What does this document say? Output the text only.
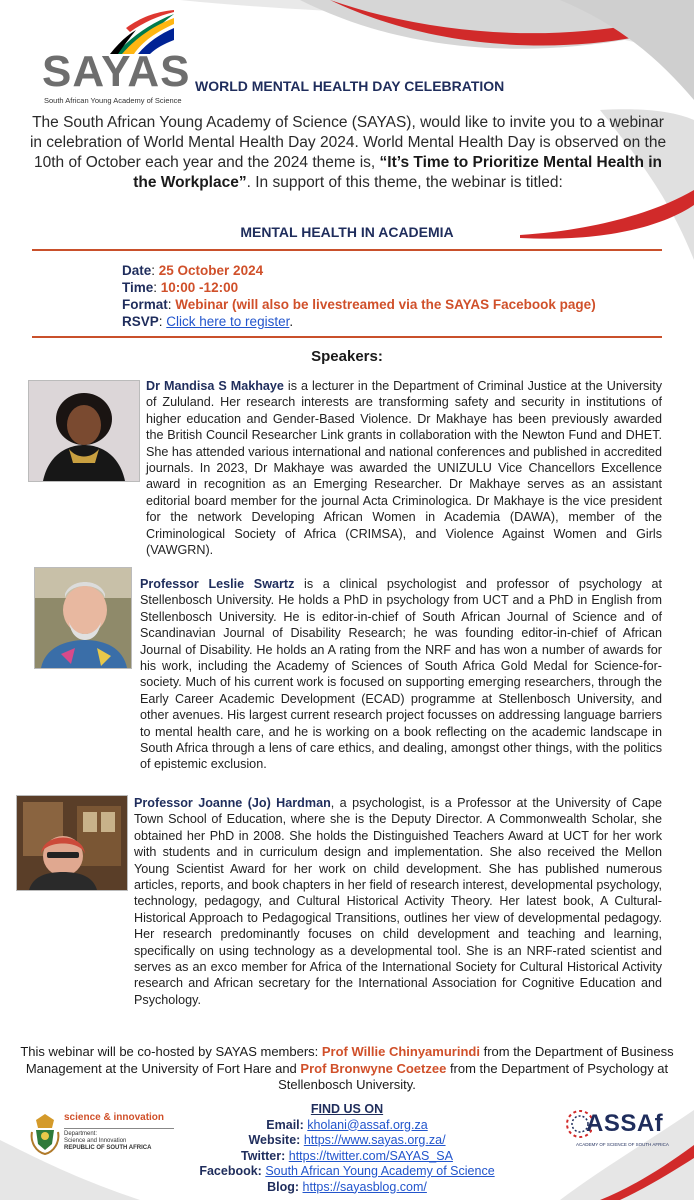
SAYAS
South African Young Academy of Science
WORLD MENTAL HEALTH DAY CELEBRATION
The South African Young Academy of Science (SAYAS), would like to invite you to a webinar in celebration of World Mental Health Day 2024. World Mental Health Day is observed on the 10th of October each year and the 2024 theme is, “It’s Time to Prioritize Mental Health in the Workplace”. In support of this theme, the webinar is titled:
MENTAL HEALTH IN ACADEMIA
Date: 25 October 2024
Time: 10:00 -12:00
Format: Webinar (will also be livestreamed via the SAYAS Facebook page)
RSVP: Click here to register.
Speakers:
Dr Mandisa S Makhaye is a lecturer in the Department of Criminal Justice at the University of Zululand. Her research interests are transforming safety and security in institutions of higher education and Gender-Based Violence. Dr Makhaye has been previously awarded the British Council Researcher Link grants in collaboration with the Newton Fund and DHET. She has attended various international and national conferences and published in accredited journals. In 2023, Dr Makhaye was awarded the UNIZULU Vice Chancellors Excellence award in recognition as an Emerging Researcher. Dr Makhaye serves as an assistant editorial board member for the journal Acta Criminologica. Dr Makhaye is the vice president for the network Developing African Women in Academia (DAWA), member of the Criminological Society of Africa (CRIMSA), and Violence Against Women and Girls (VAWGRN).
Professor Leslie Swartz is a clinical psychologist and professor of psychology at Stellenbosch University. He holds a PhD in psychology from UCT and a PhD in English from Stellenbosch University. He is editor-in-chief of South African Journal of Science and of Scandinavian Journal of Disability Research; he was founding editor-in-chief of African Journal of Disability. He holds an A rating from the NRF and has won a number of awards for his work, including the Academy of Sciences of South Africa Gold Medal for Science-for-society. Much of his current work is focused on supporting emerging researchers, through the Early Career Academic Development (ECAD) programme at Stellenbosch University, and other avenues. His largest current research project focusses on addressing language barriers to mental health care, and he is working on a book reflecting on the academic landscape in South Africa through a lens of care ethics, and dealing, amongst other things, with the politics of epistemic exclusion.
Professor Joanne (Jo) Hardman, a psychologist, is a Professor at the University of Cape Town School of Education, where she is the Deputy Director. A Commonwealth Scholar, she obtained her PhD in 2008. She holds the Distinguished Teachers Award at UCT for her work with students and in curriculum design and implementation. She also received the Mellon Young Scientist Award for her work on child development. She has published numerous articles, reports, and book chapters in her field of research interest, developmental psychology, technology, pedagogy, and Cultural Historical Activity Theory. Her latest book, A Cultural-Historical Approach to Pedagogical Transitions, outlines her view of developmental pedagogy. Her research predominantly focuses on child development and teaching and learning, specifically on using technology as a developmental tool. She is an NRF-rated scientist and serves as an exco member for Africa of the International Society for Cultural Historical Activity research and African secretary for the International Association for Cognitive Education and Psychology.
This webinar will be co-hosted by SAYAS members: Prof Willie Chinyamurindi from the Department of Business Management at the University of Fort Hare and Prof Bronwyne Coetzee from the Department of Psychology at Stellenbosch University.
science & innovation
Department:
Science and Innovation
REPUBLIC OF SOUTH AFRICA
FIND US ON
Email: kholani@assaf.org.za
Website: https://www.sayas.org.za/
Twitter: https://twitter.com/SAYAS_SA
Facebook: South African Young Academy of Science
Blog: https://sayasblog.com/
ASSAf
ACADEMY OF SCIENCE OF SOUTH AFRICA
